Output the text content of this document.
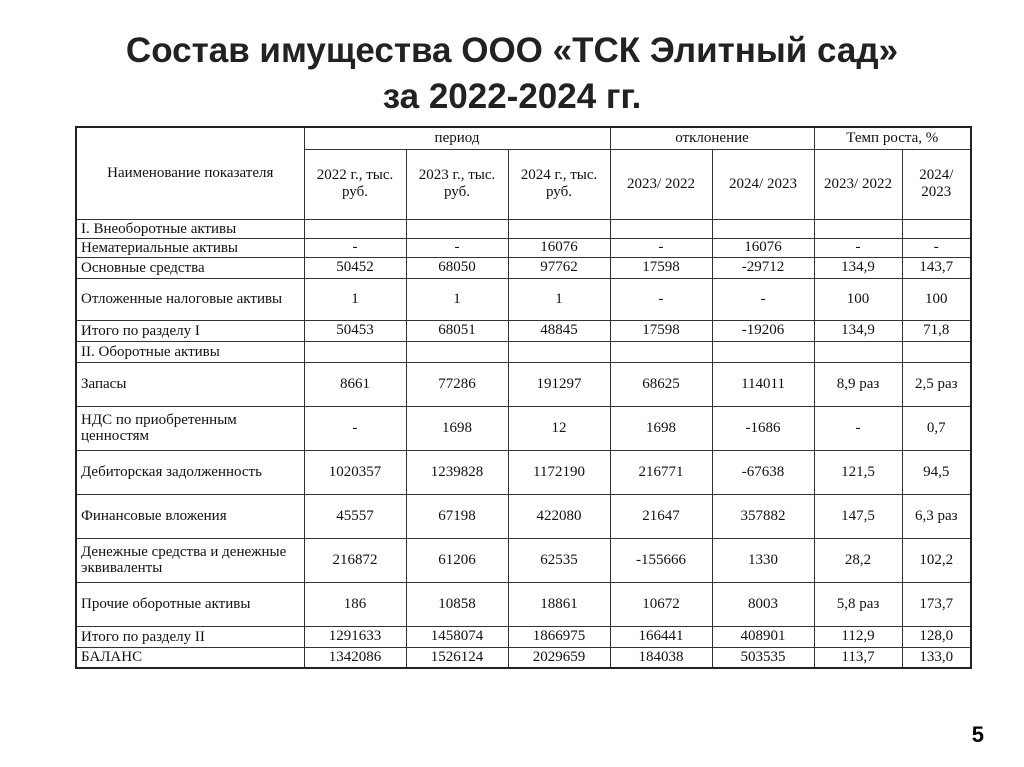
Состав имущества ООО «ТСК Элитный сад»
за 2022-2024 гг.
Наименование показателя	период			отклонение		Темп роста, %	
	2022 г., тыс. руб.	2023 г., тыс. руб.	2024 г., тыс. руб.	2023/ 2022	2024/ 2023	2023/ 2022	2024/ 2023
I. Внеоборотные активы							
Нематериальные активы	-	-	16076	-	16076	-	-
Основные средства	50452	68050	97762	17598	-29712	134,9	143,7
Отложенные налоговые активы	1	1	1	-	-	100	100
Итого по разделу I	50453	68051	48845	17598	-19206	134,9	71,8
II. Оборотные активы							
Запасы	8661	77286	191297	68625	114011	8,9 раз	2,5 раз
НДС по приобретенным ценностям	-	1698	12	1698	-1686	-	0,7
Дебиторская задолженность	1020357	1239828	1172190	216771	-67638	121,5	94,5
Финансовые вложения	45557	67198	422080	21647	357882	147,5	6,3 раз
Денежные средства и денежные эквиваленты	216872	61206	62535	-155666	1330	28,2	102,2
Прочие оборотные активы	186	10858	18861	10672	8003	5,8 раз	173,7
Итого по разделу II	1291633	1458074	1866975	166441	408901	112,9	128,0
БАЛАНС	1342086	1526124	2029659	184038	503535	113,7	133,0
5
